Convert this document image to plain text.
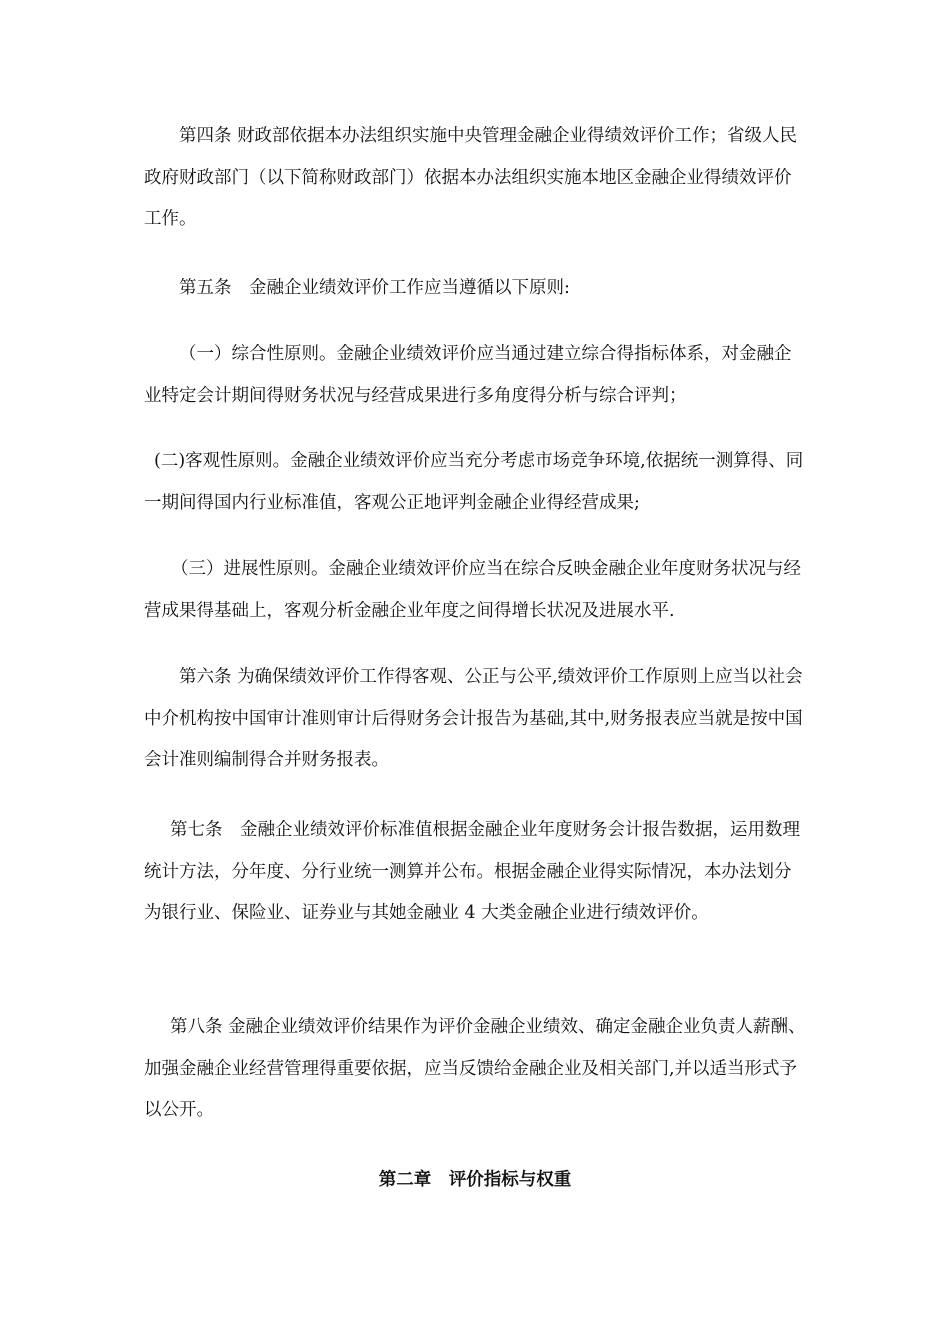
第四条 财政部依据本办法组织实施中央管理金融企业得绩效评价工作；省级人民政府财政部门（以下简称财政部门）依据本办法组织实施本地区金融企业得绩效评价工作。

第五条　金融企业绩效评价工作应当遵循以下原则:

（一）综合性原则。金融企业绩效评价应当通过建立综合得指标体系，对金融企业特定会计期间得财务状况与经营成果进行多角度得分析与综合评判；

(二)客观性原则。金融企业绩效评价应当充分考虑市场竞争环境,依据统一测算得、同一期间得国内行业标准值，客观公正地评判金融企业得经营成果;

（三）进展性原则。金融企业绩效评价应当在综合反映金融企业年度财务状况与经营成果得基础上，客观分析金融企业年度之间得增长状况及进展水平.

第六条 为确保绩效评价工作得客观、公正与公平,绩效评价工作原则上应当以社会中介机构按中国审计准则审计后得财务会计报告为基础,其中,财务报表应当就是按中国会计准则编制得合并财务报表。

第七条　金融企业绩效评价标准值根据金融企业年度财务会计报告数据，运用数理统计方法，分年度、分行业统一测算并公布。根据金融企业得实际情况，本办法划分为银行业、保险业、证券业与其她金融业 4 大类金融企业进行绩效评价。

第八条 金融企业绩效评价结果作为评价金融企业绩效、确定金融企业负责人薪酬、加强金融企业经营管理得重要依据，应当反馈给金融企业及相关部门,并以适当形式予以公开。

第二章　评价指标与权重
